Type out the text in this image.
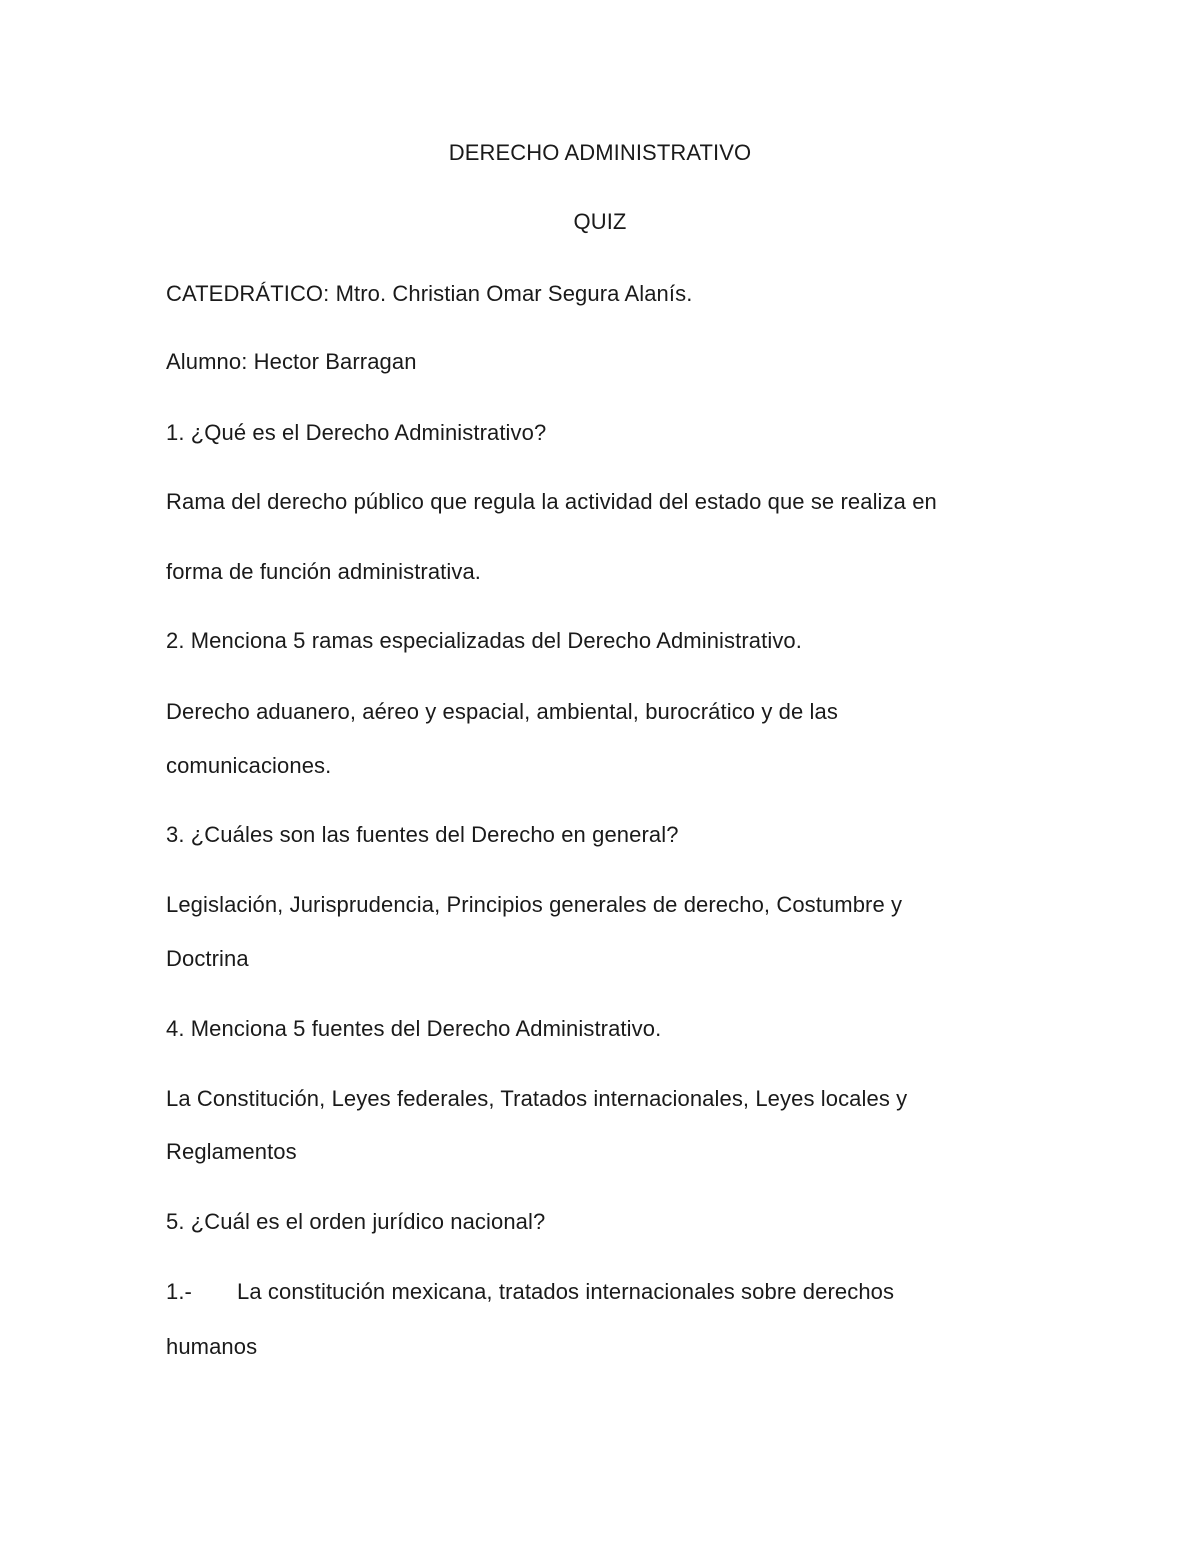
DERECHO ADMINISTRATIVO
QUIZ
CATEDRÁTICO: Mtro. Christian Omar Segura Alanís.
Alumno: Hector Barragan
1. ¿Qué es el Derecho Administrativo?
Rama del derecho público que regula la actividad del estado que se realiza en
forma de función administrativa.
2. Menciona 5 ramas especializadas del Derecho Administrativo.
Derecho aduanero, aéreo y espacial, ambiental, burocrático y de las
comunicaciones.
3. ¿Cuáles son las fuentes del Derecho en general?
Legislación, Jurisprudencia, Principios generales de derecho, Costumbre y
Doctrina
4. Menciona 5 fuentes del Derecho Administrativo.
La Constitución, Leyes federales, Tratados internacionales, Leyes locales y
Reglamentos
5. ¿Cuál es el orden jurídico nacional?
1.- La constitución mexicana, tratados internacionales sobre derechos
humanos
